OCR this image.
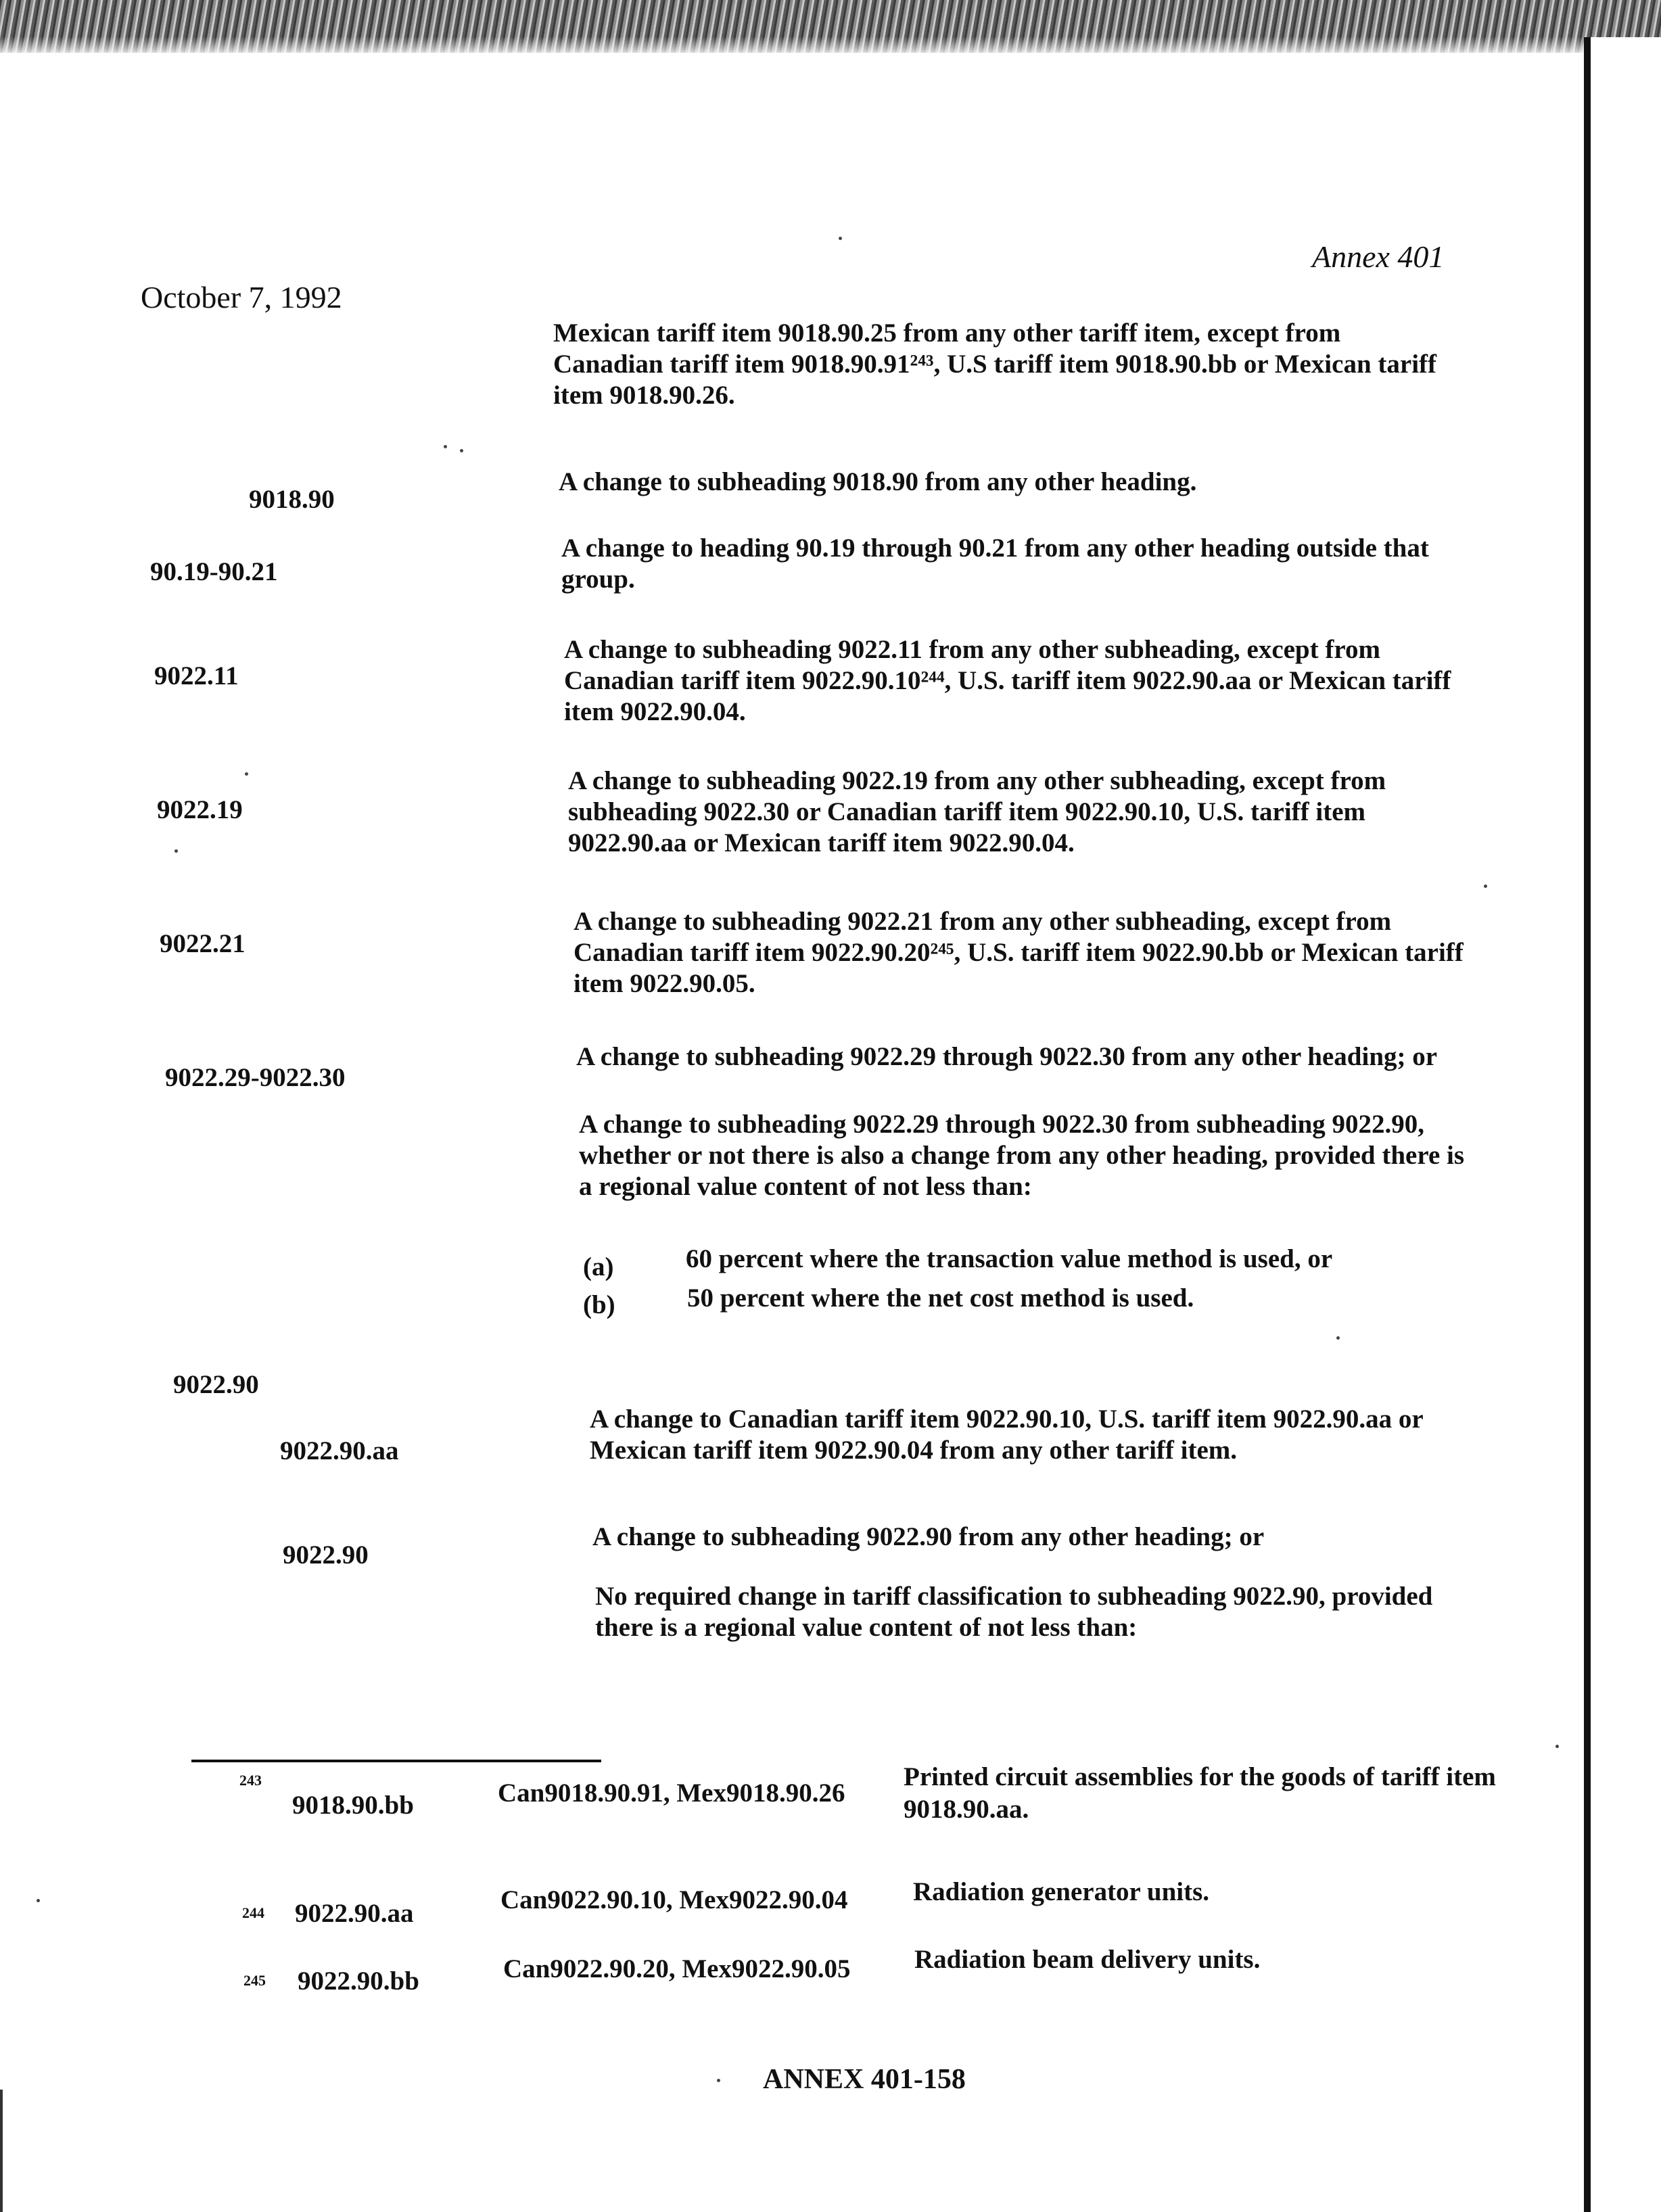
Annex 401
October 7, 1992
Mexican tariff item 9018.90.25 from any other tariff item, except from Canadian tariff item 9018.90.91²⁴³, U.S tariff item 9018.90.bb or Mexican tariff item 9018.90.26.
9018.90
A change to subheading 9018.90 from any other heading.
90.19-90.21
A change to heading 90.19 through 90.21 from any other heading outside that group.
9022.11
A change to subheading 9022.11 from any other subheading, except from Canadian tariff item 9022.90.10²⁴⁴, U.S. tariff item 9022.90.aa or Mexican tariff item 9022.90.04.
9022.19
A change to subheading 9022.19 from any other subheading, except from subheading 9022.30 or Canadian tariff item 9022.90.10, U.S. tariff item 9022.90.aa or Mexican tariff item 9022.90.04.
9022.21
A change to subheading 9022.21 from any other subheading, except from Canadian tariff item 9022.90.20²⁴⁵, U.S. tariff item 9022.90.bb or Mexican tariff item 9022.90.05.
9022.29-9022.30
A change to subheading 9022.29 through 9022.30 from any other heading; or
A change to subheading 9022.29 through 9022.30 from subheading 9022.90, whether or not there is also a change from any other heading, provided there is a regional value content of not less than:
(a)	60 percent where the transaction value method is used, or
(b)	50 percent where the net cost method is used.
9022.90
9022.90.aa
A change to Canadian tariff item 9022.90.10, U.S. tariff item 9022.90.aa or Mexican tariff item 9022.90.04 from any other tariff item.
9022.90
A change to subheading 9022.90 from any other heading; or
No required change in tariff classification to subheading 9022.90, provided there is a regional value content of not less than:
243
9018.90.bb	Can9018.90.91, Mex9018.90.26
Printed circuit assemblies for the goods of tariff item 9018.90.aa.
244 9022.90.aa	Can9022.90.10, Mex9022.90.04 Radiation generator units.
245 9022.90.bb	Can9022.90.20, Mex9022.90.05 Radiation beam delivery units.
ANNEX 401-158
